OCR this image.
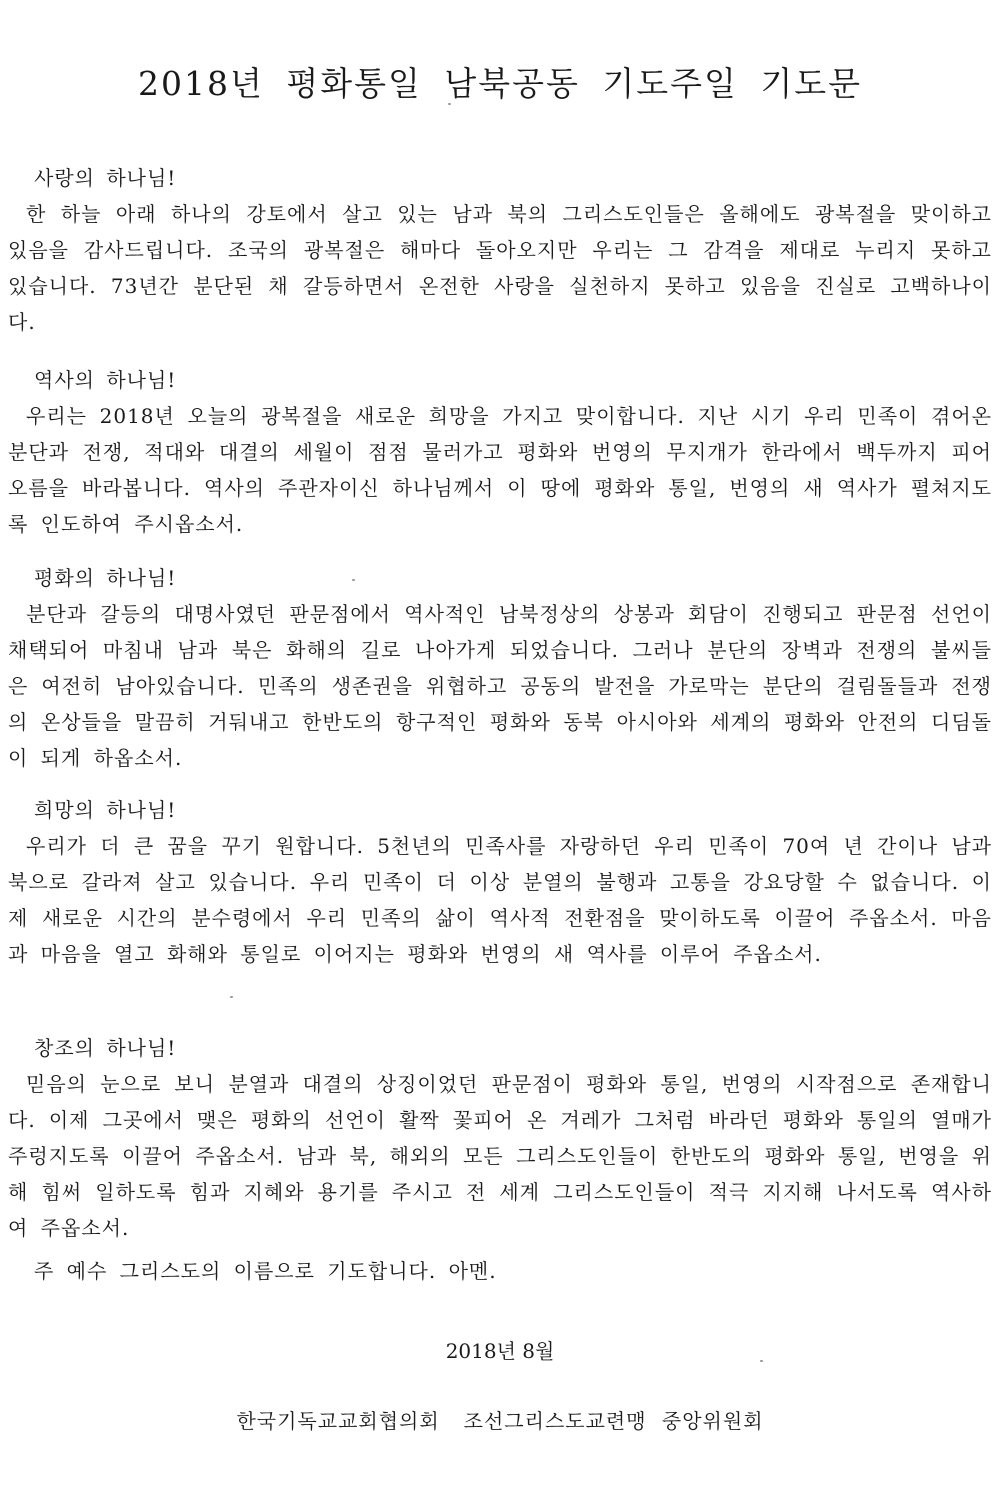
2018년 평화통일 남북공동 기도주일 기도문

사랑의 하나님!

한 하늘 아래 하나의 강토에서 살고 있는 남과 북의 그리스도인들은 올해에도 광복절을 맞이하고 있음을 감사드립니다. 조국의 광복절은 해마다 돌아오지만 우리는 그 감격을 제대로 누리지 못하고 있습니다. 73년간 분단된 채 갈등하면서 온전한 사랑을 실천하지 못하고 있음을 진실로 고백하나이다.

역사의 하나님!

우리는 2018년 오늘의 광복절을 새로운 희망을 가지고 맞이합니다. 지난 시기 우리 민족이 겪어온 분단과 전쟁, 적대와 대결의 세월이 점점 물러가고 평화와 번영의 무지개가 한라에서 백두까지 피어오름을 바라봅니다. 역사의 주관자이신 하나님께서 이 땅에 평화와 통일, 번영의 새 역사가 펼쳐지도록 인도하여 주시옵소서.

평화의 하나님!

분단과 갈등의 대명사였던 판문점에서 역사적인 남북정상의 상봉과 회담이 진행되고 판문점 선언이 채택되어 마침내 남과 북은 화해의 길로 나아가게 되었습니다. 그러나 분단의 장벽과 전쟁의 불씨들은 여전히 남아있습니다. 민족의 생존권을 위협하고 공동의 발전을 가로막는 분단의 걸림돌들과 전쟁의 온상들을 말끔히 거둬내고 한반도의 항구적인 평화와 동북 아시아와 세계의 평화와 안전의 디딤돌이 되게 하옵소서.

희망의 하나님!

우리가 더 큰 꿈을 꾸기 원합니다. 5천년의 민족사를 자랑하던 우리 민족이 70여 년 간이나 남과 북으로 갈라져 살고 있습니다. 우리 민족이 더 이상 분열의 불행과 고통을 강요당할 수 없습니다. 이제 새로운 시간의 분수령에서 우리 민족의 삶이 역사적 전환점을 맞이하도록 이끌어 주옵소서. 마음과 마음을 열고 화해와 통일로 이어지는 평화와 번영의 새 역사를 이루어 주옵소서.

창조의 하나님!

믿음의 눈으로 보니 분열과 대결의 상징이었던 판문점이 평화와 통일, 번영의 시작점으로 존재합니다. 이제 그곳에서 맺은 평화의 선언이 활짝 꽃피어 온 겨레가 그처럼 바라던 평화와 통일의 열매가 주렁지도록 이끌어 주옵소서. 남과 북, 해외의 모든 그리스도인들이 한반도의 평화와 통일, 번영을 위해 힘써 일하도록 힘과 지혜와 용기를 주시고 전 세계 그리스도인들이 적극 지지해 나서도록 역사하여 주옵소서.

주 예수 그리스도의 이름으로 기도합니다. 아멘.

2018년 8월

한국기독교교회협의회 조선그리스도교련맹 중앙위원회
